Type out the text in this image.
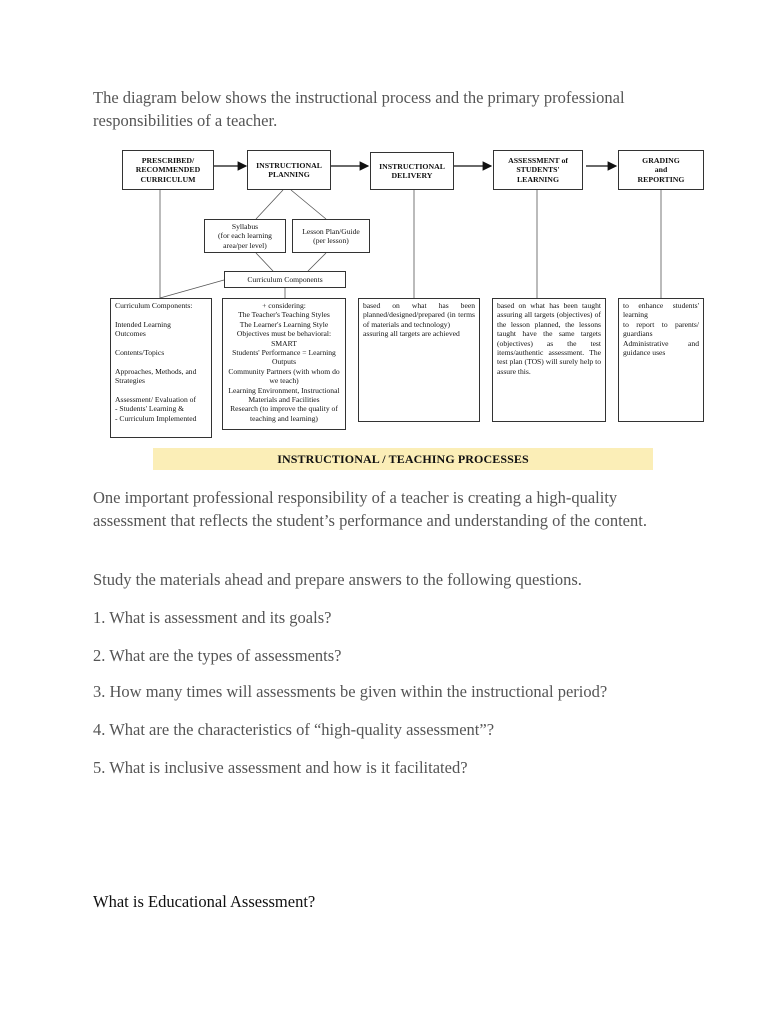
The diagram below shows the instructional process and the primary professional responsibilities of a teacher.

PRESCRIBED/
RECOMMENDED
CURRICULUM
INSTRUCTIONAL
PLANNING
INSTRUCTIONAL
DELIVERY
ASSESSMENT of
STUDENTS'
LEARNING
GRADING
and
REPORTING
Syllabus
(for each learning
area/per level)
Lesson Plan/Guide
(per lesson)
Curriculum Components
Curriculum Components:

Intended Learning
Outcomes

Contents/Topics

Approaches, Methods, and
Strategies

Assessment/ Evaluation of
- Students' Learning &
- Curriculum Implemented
+ considering:
The Teacher's Teaching Styles
The Learner's Learning Style
Objectives must be behavioral: SMART
Students' Performance = Learning Outputs
Community Partners (with whom do we teach)
Learning Environment, Instructional Materials and Facilities
Research (to improve the quality of teaching and learning)
based on what has been planned/designed/prepared (in terms of materials and technology)
assuring all targets are achieved
based on what has been taught assuring all targets (objectives) of the lesson planned, the lessons taught have the same targets (objectives) as the test items/authentic assessment. The test plan (TOS) will surely help to assure this.
to enhance students' learning
to report to parents/ guardians
Administrative and guidance uses
INSTRUCTIONAL / TEACHING PROCESSES

One important professional responsibility of a teacher is creating a high-quality assessment that reflects the student’s performance and understanding of the content.

Study the materials ahead and prepare answers to the following questions.

1. What is assessment and its goals?

2. What are the types of assessments?

3. How many times will assessments be given within the instructional period?

4. What are the characteristics of “high-quality assessment”?

5. What is inclusive assessment and how is it facilitated?

What is Educational Assessment?
